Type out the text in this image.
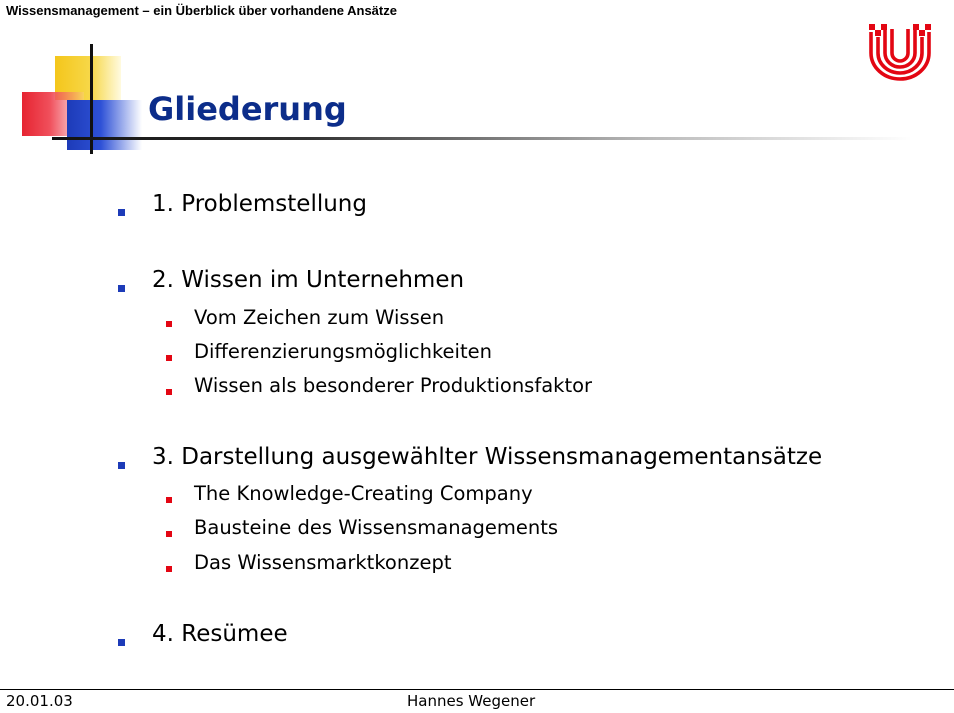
Wissensmanagement – ein Überblick über vorhandene Ansätze
Gliederung
1. Problemstellung
2. Wissen im Unternehmen
Vom Zeichen zum Wissen
Differenzierungsmöglichkeiten
Wissen als besonderer Produktionsfaktor
3. Darstellung ausgewählter Wissensmanagementansätze
The Knowledge-Creating Company
Bausteine des Wissensmanagements
Das Wissensmarktkonzept
4. Resümee
20.01.03	Hannes Wegener
